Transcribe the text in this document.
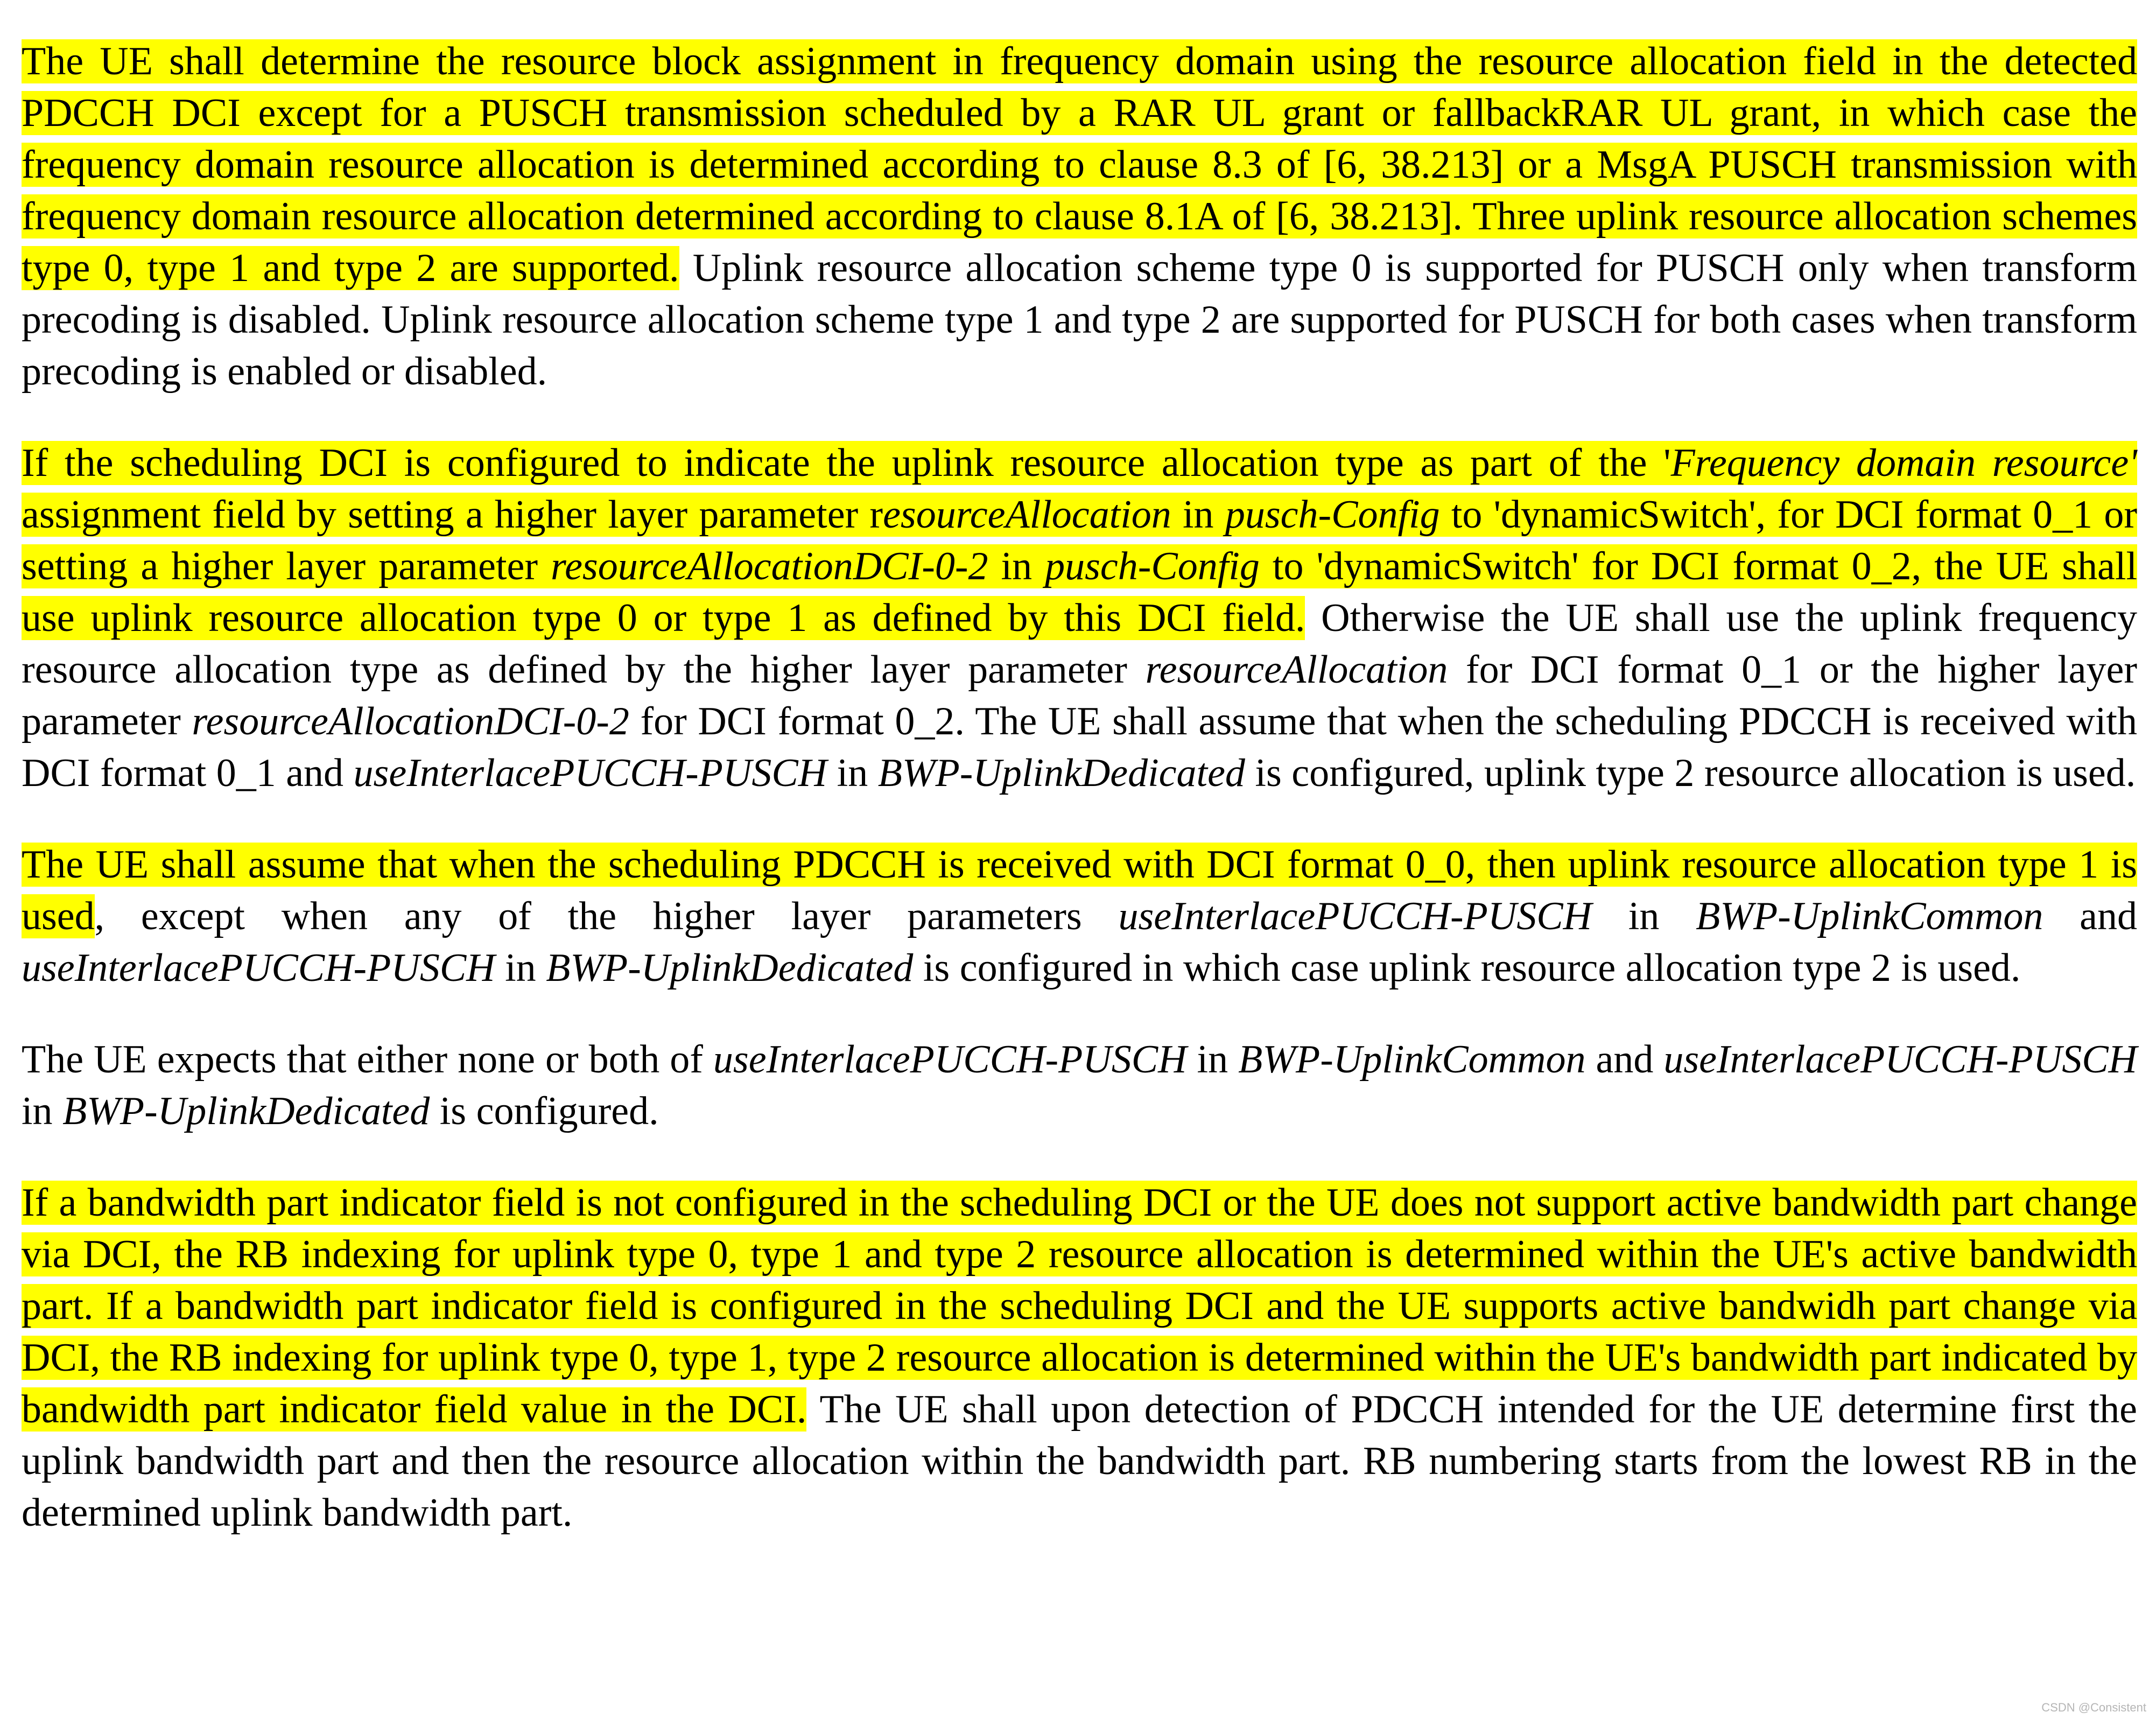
The UE shall determine the resource block assignment in frequency domain using the resource allocation field in the detected PDCCH DCI except for a PUSCH transmission scheduled by a RAR UL grant or fallbackRAR UL grant, in which case the frequency domain resource allocation is determined according to clause 8.3 of [6, 38.213] or a MsgA PUSCH transmission with frequency domain resource allocation determined according to clause 8.1A of [6, 38.213]. Three uplink resource allocation schemes type 0, type 1 and type 2 are supported. Uplink resource allocation scheme type 0 is supported for PUSCH only when transform precoding is disabled. Uplink resource allocation scheme type 1 and type 2 are supported for PUSCH for both cases when transform precoding is enabled or disabled.

If the scheduling DCI is configured to indicate the uplink resource allocation type as part of the 'Frequency domain resource' assignment field by setting a higher layer parameter resourceAllocation in pusch-Config to 'dynamicSwitch', for DCI format 0_1 or setting a higher layer parameter resourceAllocationDCI-0-2 in pusch-Config to 'dynamicSwitch' for DCI format 0_2, the UE shall use uplink resource allocation type 0 or type 1 as defined by this DCI field. Otherwise the UE shall use the uplink frequency resource allocation type as defined by the higher layer parameter resourceAllocation for DCI format 0_1 or the higher layer parameter resourceAllocationDCI-0-2 for DCI format 0_2. The UE shall assume that when the scheduling PDCCH is received with DCI format 0_1 and useInterlacePUCCH-PUSCH in BWP-UplinkDedicated is configured, uplink type 2 resource allocation is used.

The UE shall assume that when the scheduling PDCCH is received with DCI format 0_0, then uplink resource allocation type 1 is used, except when any of the higher layer parameters useInterlacePUCCH-PUSCH in BWP-UplinkCommon and useInterlacePUCCH-PUSCH in BWP-UplinkDedicated is configured in which case uplink resource allocation type 2 is used.

The UE expects that either none or both of useInterlacePUCCH-PUSCH in BWP-UplinkCommon and useInterlacePUCCH-PUSCH in BWP-UplinkDedicated is configured.

If a bandwidth part indicator field is not configured in the scheduling DCI or the UE does not support active bandwidth part change via DCI, the RB indexing for uplink type 0, type 1 and type 2 resource allocation is determined within the UE's active bandwidth part. If a bandwidth part indicator field is configured in the scheduling DCI and the UE supports active bandwidh part change via DCI, the RB indexing for uplink type 0, type 1, type 2 resource allocation is determined within the UE's bandwidth part indicated by bandwidth part indicator field value in the DCI. The UE shall upon detection of PDCCH intended for the UE determine first the uplink bandwidth part and then the resource allocation within the bandwidth part. RB numbering starts from the lowest RB in the determined uplink bandwidth part.

CSDN @Consistent
